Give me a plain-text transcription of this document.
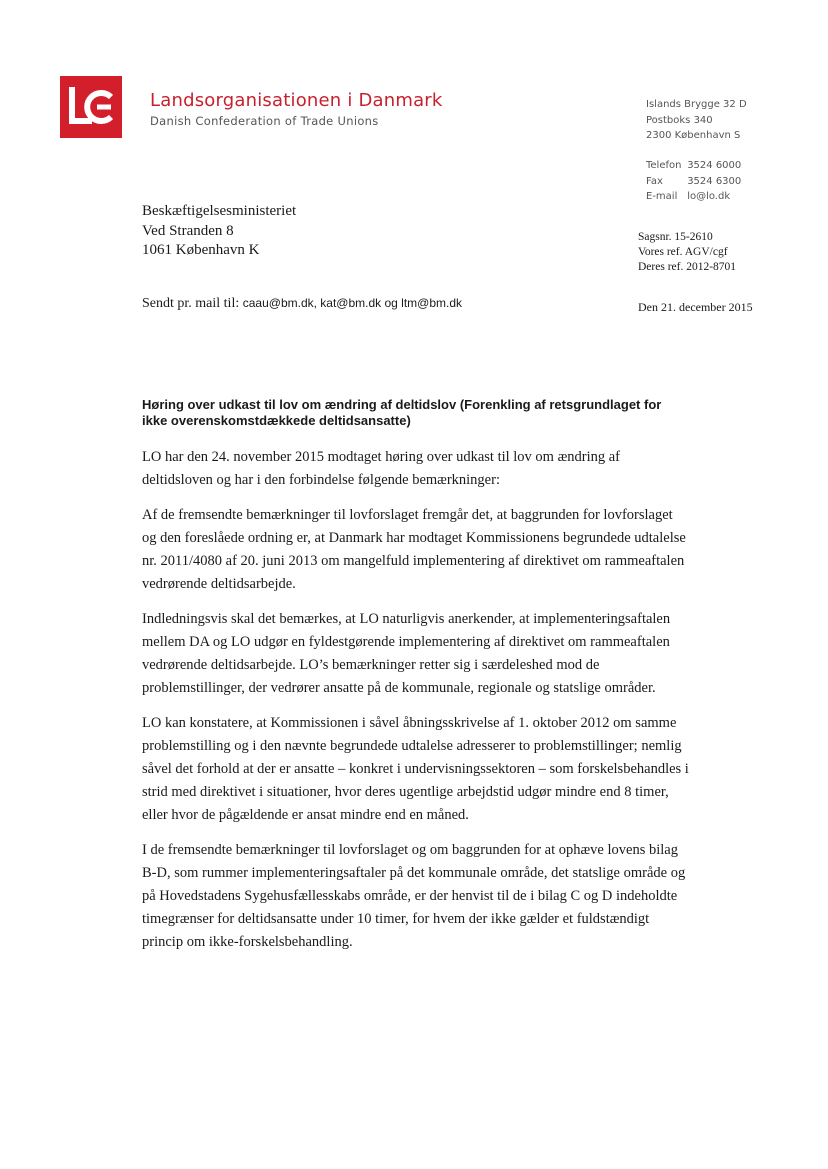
Landsorganisationen i Danmark
Danish Confederation of Trade Unions
Islands Brygge 32 D
Postboks 340
2300 København S
Telefon 3524 6000
Fax 3524 6300
E-mail lo@lo.dk
Beskæftigelsesministeriet
Ved Stranden 8
1061 København K
Sagsnr. 15-2610
Vores ref. AGV/cgf
Deres ref. 2012-8701
Sendt pr. mail til: caau@bm.dk, kat@bm.dk og ltm@bm.dk	Den 21. december 2015
Høring over udkast til lov om ændring af deltidslov (Forenkling af retsgrundlaget for ikke overenskomstdækkede deltidsansatte)

LO har den 24. november 2015 modtaget høring over udkast til lov om ændring af deltidsloven og har i den forbindelse følgende bemærkninger:

Af de fremsendte bemærkninger til lovforslaget fremgår det, at baggrunden for lovforslaget og den foreslåede ordning er, at Danmark har modtaget Kommissionens begrundede udtalelse nr. 2011/4080 af 20. juni 2013 om mangelfuld implementering af direktivet om rammeaftalen vedrørende deltidsarbejde.

Indledningsvis skal det bemærkes, at LO naturligvis anerkender, at implementeringsaftalen mellem DA og LO udgør en fyldestgørende implementering af direktivet om rammeaftalen vedrørende deltidsarbejde. LO’s bemærkninger retter sig i særdeleshed mod de problemstillinger, der vedrører ansatte på de kommunale, regionale og statslige områder.

LO kan konstatere, at Kommissionen i såvel åbningsskrivelse af 1. oktober 2012 om samme problemstilling og i den nævnte begrundede udtalelse adresserer to problemstillinger; nemlig såvel det forhold at der er ansatte – konkret i undervisningssektoren – som forskelsbehandles i strid med direktivet i situationer, hvor deres ugentlige arbejdstid udgør mindre end 8 timer, eller hvor de pågældende er ansat mindre end en måned.

I de fremsendte bemærkninger til lovforslaget og om baggrunden for at ophæve lovens bilag B-D, som rummer implementeringsaftaler på det kommunale område, det statslige område og på Hovedstadens Sygehusfællesskabs område, er der henvist til de i bilag C og D indeholdte timegrænser for deltidsansatte under 10 timer, for hvem der ikke gælder et fuldstændigt princip om ikke-forskelsbehandling.
